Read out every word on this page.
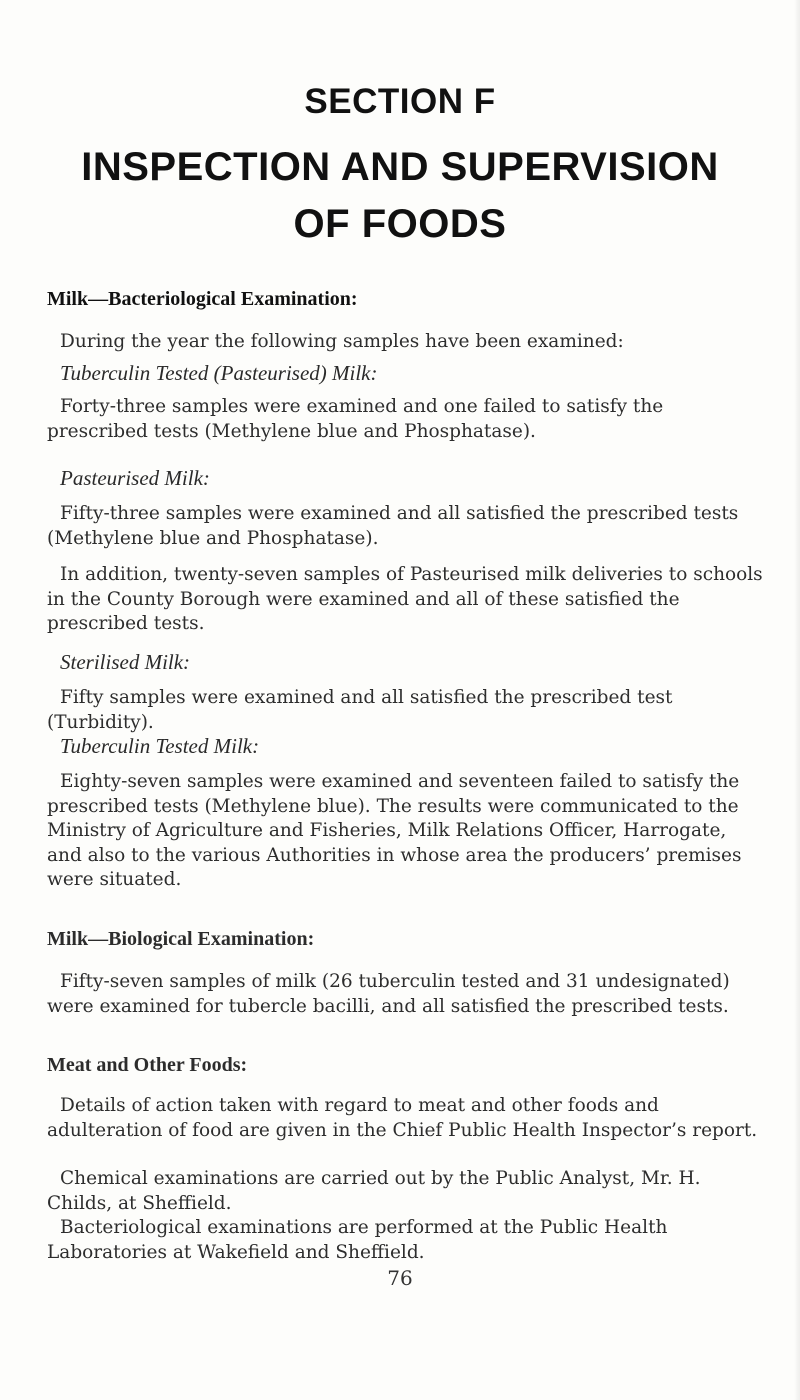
SECTION F
INSPECTION AND SUPERVISION
OF FOODS
Milk—Bacteriological Examination:
During the year the following samples have been examined:
Tuberculin Tested (Pasteurised) Milk:
Forty-three samples were examined and one failed to satisfy the prescribed tests (Methylene blue and Phosphatase).
Pasteurised Milk:
Fifty-three samples were examined and all satisfied the prescribed tests (Methylene blue and Phosphatase).
In addition, twenty-seven samples of Pasteurised milk deliveries to schools in the County Borough were examined and all of these satisfied the prescribed tests.
Sterilised Milk:
Fifty samples were examined and all satisfied the prescribed test (Turbidity).
Tuberculin Tested Milk:
Eighty-seven samples were examined and seventeen failed to satisfy the prescribed tests (Methylene blue). The results were communicated to the Ministry of Agriculture and Fisheries, Milk Relations Officer, Harrogate, and also to the various Authorities in whose area the producers’ premises were situated.
Milk—Biological Examination:
Fifty-seven samples of milk (26 tuberculin tested and 31 undesignated) were examined for tubercle bacilli, and all satisfied the prescribed tests.
Meat and Other Foods:
Details of action taken with regard to meat and other foods and adulteration of food are given in the Chief Public Health Inspector’s report.
Chemical examinations are carried out by the Public Analyst, Mr. H. Childs, at Sheffield.
Bacteriological examinations are performed at the Public Health Laboratories at Wakefield and Sheffield.
76
